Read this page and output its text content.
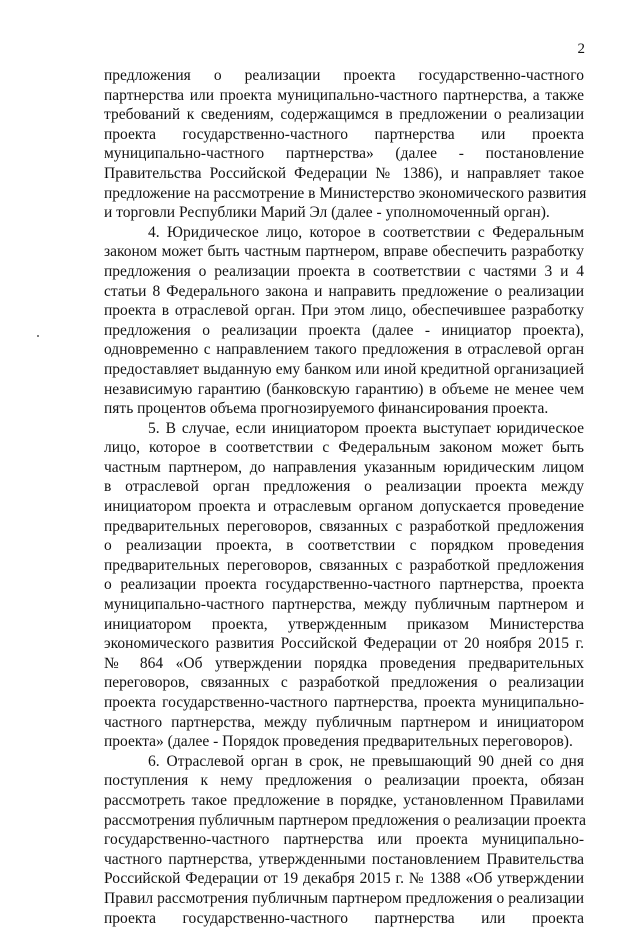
2
предложения о реализации проекта государственно-частного
партнерства или проекта муниципально-частного партнерства, а также
требований к сведениям, содержащимся в предложении о реализации
проекта государственно-частного партнерства или проекта
муниципально-частного партнерства» (далее - постановление
Правительства Российской Федерации № 1386), и направляет такое
предложение на рассмотрение в Министерство экономического развития
и торговли Республики Марий Эл (далее - уполномоченный орган).
4. Юридическое лицо, которое в соответствии с Федеральным
законом может быть частным партнером, вправе обеспечить разработку
предложения о реализации проекта в соответствии с частями 3 и 4
статьи 8 Федерального закона и направить предложение о реализации
проекта в отраслевой орган. При этом лицо, обеспечившее разработку
предложения о реализации проекта (далее - инициатор проекта),
одновременно с направлением такого предложения в отраслевой орган
предоставляет выданную ему банком или иной кредитной организацией
независимую гарантию (банковскую гарантию) в объеме не менее чем
пять процентов объема прогнозируемого финансирования проекта.
5. В случае, если инициатором проекта выступает юридическое
лицо, которое в соответствии с Федеральным законом может быть
частным партнером, до направления указанным юридическим лицом
в отраслевой орган предложения о реализации проекта между
инициатором проекта и отраслевым органом допускается проведение
предварительных переговоров, связанных с разработкой предложения
о реализации проекта, в соответствии с порядком проведения
предварительных переговоров, связанных с разработкой предложения
о реализации проекта государственно-частного партнерства, проекта
муниципально-частного партнерства, между публичным партнером и
инициатором проекта, утвержденным приказом Министерства
экономического развития Российской Федерации от 20 ноября 2015 г.
№ 864 «Об утверждении порядка проведения предварительных
переговоров, связанных с разработкой предложения о реализации
проекта государственно-частного партнерства, проекта муниципально-
частного партнерства, между публичным партнером и инициатором
проекта» (далее - Порядок проведения предварительных переговоров).
6. Отраслевой орган в срок, не превышающий 90 дней со дня
поступления к нему предложения о реализации проекта, обязан
рассмотреть такое предложение в порядке, установленном Правилами
рассмотрения публичным партнером предложения о реализации проекта
государственно-частного партнерства или проекта муниципально-
частного партнерства, утвержденными постановлением Правительства
Российской Федерации от 19 декабря 2015 г. № 1388 «Об утверждении
Правил рассмотрения публичным партнером предложения о реализации
проекта государственно-частного партнерства или проекта
